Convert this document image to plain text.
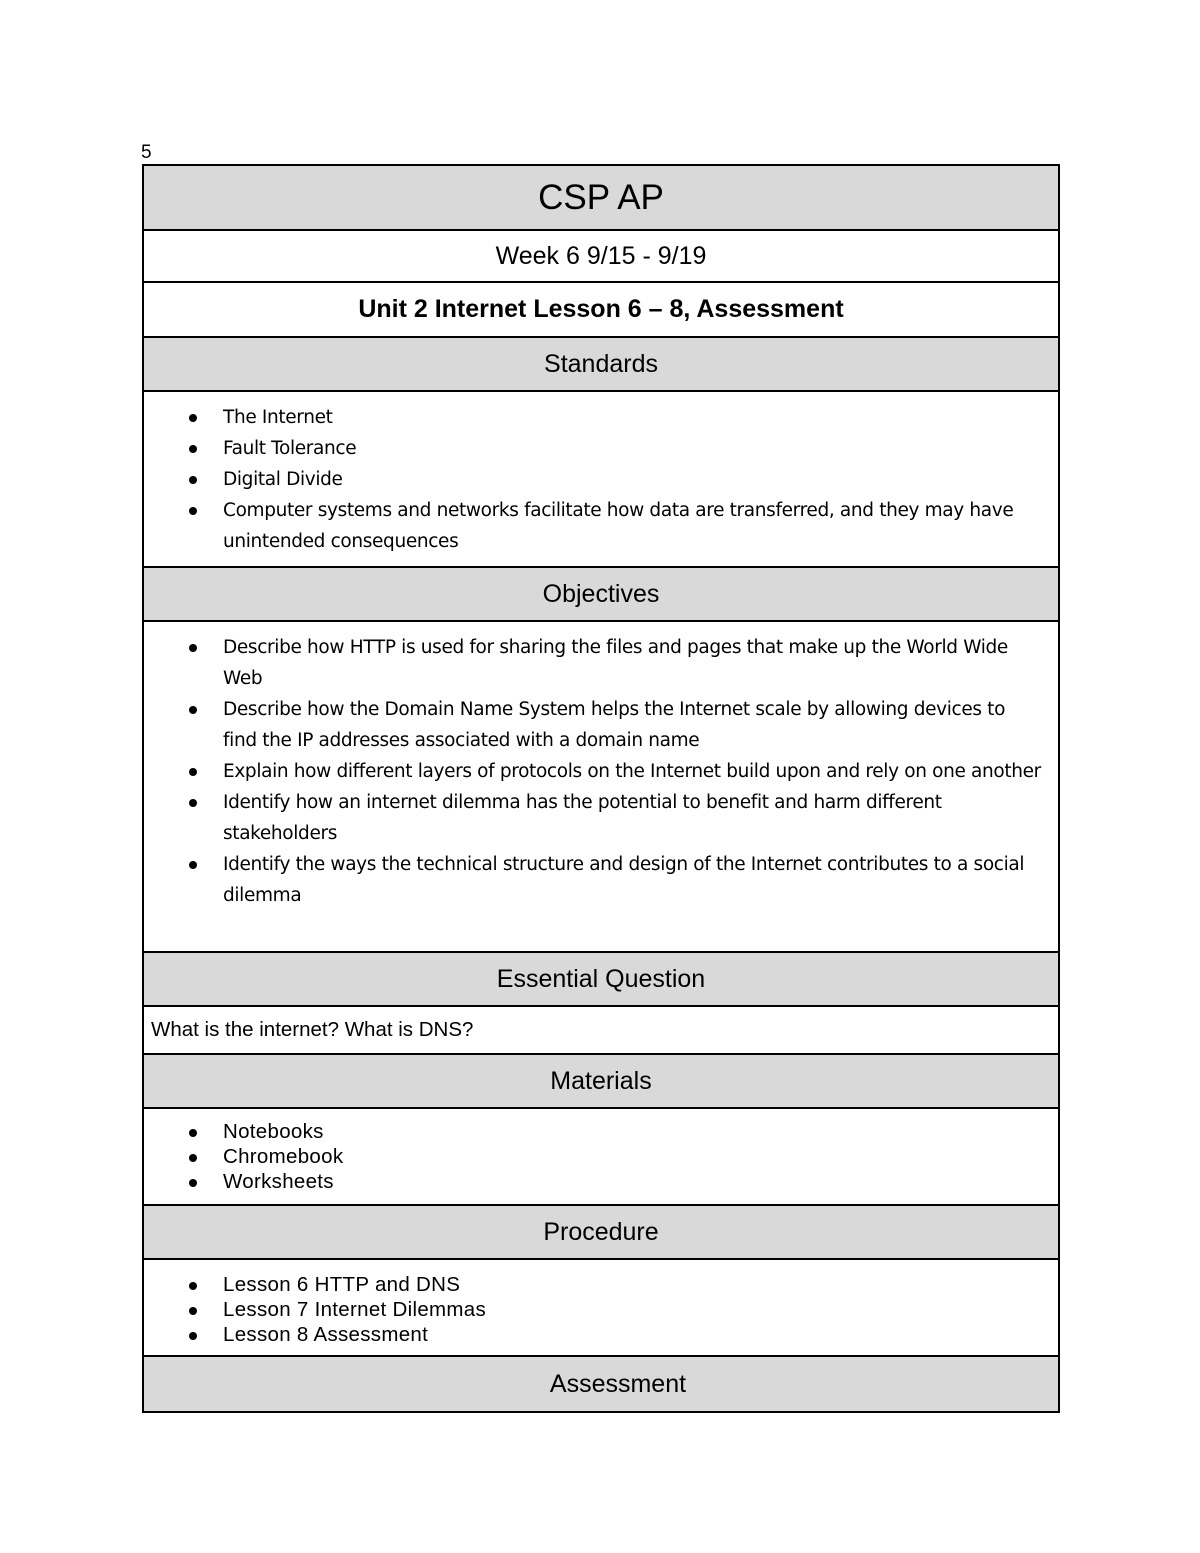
5
CSP AP
Week 6 9/15 - 9/19
Unit 2 Internet Lesson 6 – 8, Assessment
Standards
The Internet
Fault Tolerance
Digital Divide
Computer systems and networks facilitate how data are transferred, and they may have unintended consequences
Objectives
Describe how HTTP is used for sharing the files and pages that make up the World Wide Web
Describe how the Domain Name System helps the Internet scale by allowing devices to find the IP addresses associated with a domain name
Explain how different layers of protocols on the Internet build upon and rely on one another
Identify how an internet dilemma has the potential to benefit and harm different stakeholders
Identify the ways the technical structure and design of the Internet contributes to a social dilemma
Essential Question
What is the internet? What is DNS?
Materials
Notebooks
Chromebook
Worksheets
Procedure
Lesson 6 HTTP and DNS
Lesson 7 Internet Dilemmas
Lesson 8 Assessment
Assessment
